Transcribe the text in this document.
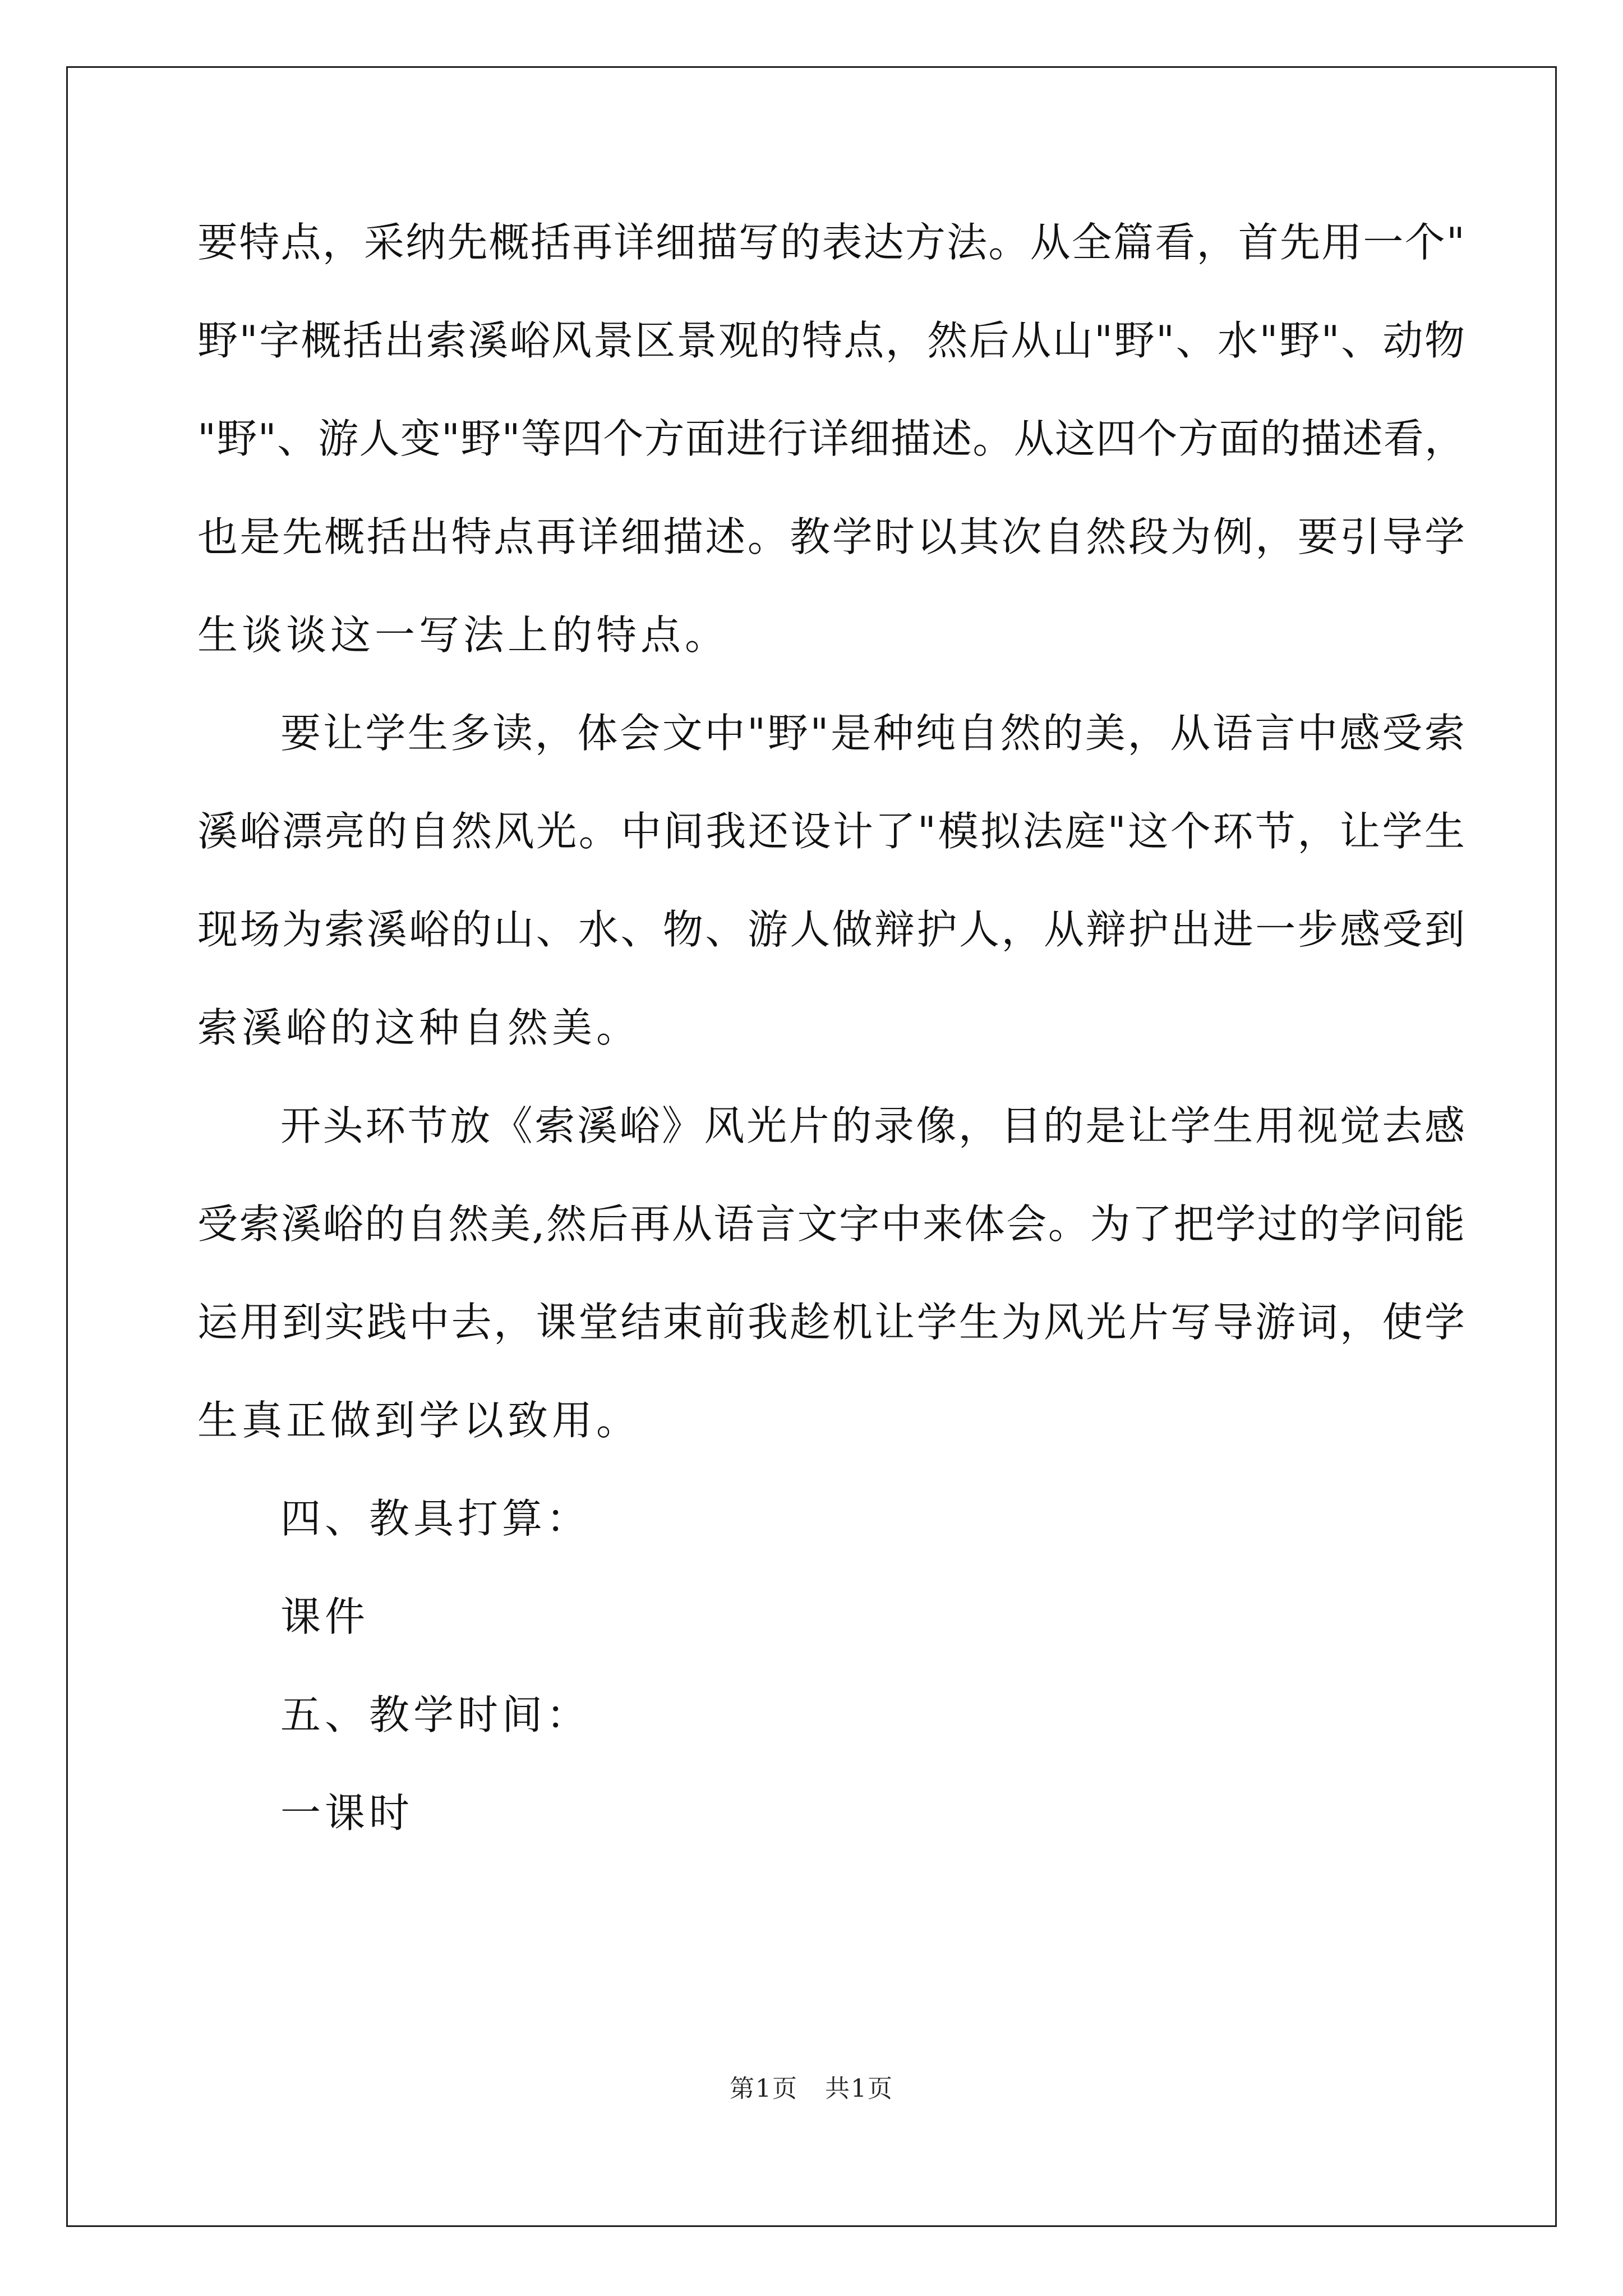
要特点，采纳先概括再详细描写的表达方法。从全篇看，首先用一个"
野"字概括出索溪峪风景区景观的特点，然后从山"野"、水"野"、动物
"野"、游人变"野"等四个方面进行详细描述。从这四个方面的描述看，
也是先概括出特点再详细描述。教学时以其次自然段为例，要引导学
生谈谈这一写法上的特点。
要让学生多读，体会文中"野"是种纯自然的美，从语言中感受索
溪峪漂亮的自然风光。中间我还设计了"模拟法庭"这个环节，让学生
现场为索溪峪的山、水、物、游人做辩护人，从辩护出进一步感受到
索溪峪的这种自然美。
开头环节放《索溪峪》风光片的录像，目的是让学生用视觉去感
受索溪峪的自然美,然后再从语言文字中来体会。为了把学过的学问能
运用到实践中去，课堂结束前我趁机让学生为风光片写导游词，使学
生真正做到学以致用。
四、教具打算：
课件
五、教学时间：
一课时
第1页   共1页
